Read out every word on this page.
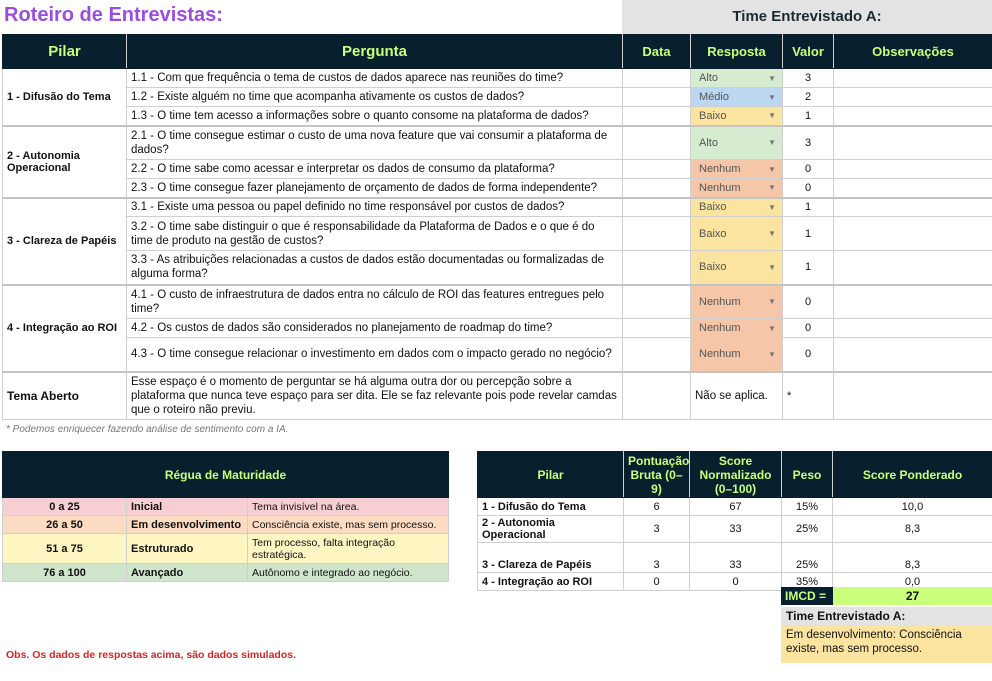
Roteiro de Entrevistas:	Time Entrevistado A:
Pilar	Pergunta	Data	Resposta	Valor	Observações
1 - Difusão do Tema	1.1 - Com que frequência o tema de custos de dados aparece nas reuniões do time?		Alto ▼	3	
	1.2 - Existe alguém no time que acompanha ativamente os custos de dados?		Médio ▼	2	
	1.3 - O time tem acesso a informações sobre o quanto consome na plataforma de dados?		Baixo ▼	1	
2 - Autonomia Operacional	2.1 - O time consegue estimar o custo de uma nova feature que vai consumir a plataforma de dados?		Alto ▼	3	
	2.2 - O time sabe como acessar e interpretar os dados de consumo da plataforma?		Nenhum ▼	0	
	2.3 - O time consegue fazer planejamento de orçamento de dados de forma independente?		Nenhum ▼	0	
3 - Clareza de Papéis	3.1 - Existe uma pessoa ou papel definido no time responsável por custos de dados?		Baixo ▼	1	
	3.2 - O time sabe distinguir o que é responsabilidade da Plataforma de Dados e o que é do time de produto na gestão de custos?		Baixo ▼	1	
	3.3 - As atribuições relacionadas a custos de dados estão documentadas ou formalizadas de alguma forma?		Baixo ▼	1	
4 - Integração ao ROI	4.1 - O custo de infraestrutura de dados entra no cálculo de ROI das features entregues pelo time?		Nenhum ▼	0	
	4.2 - Os custos de dados são considerados no planejamento de roadmap do time?		Nenhum ▼	0	
	4.3 - O time consegue relacionar o investimento em dados com o impacto gerado no negócio?		Nenhum ▼	0	
Tema Aberto	Esse espaço é o momento de perguntar se há alguma outra dor ou percepção sobre a plataforma que nunca teve espaço para ser dita. Ele se faz relevante pois pode revelar camdas que o roteiro não previu.		Não se aplica.	*	
* Podemos enriquecer fazendo análise de sentimento com a IA.
Régua de Maturidade		
0 a 25	Inicial	Tema invisível na área.
26 a 50	Em desenvolvimento	Consciência existe, mas sem processo.
51 a 75	Estruturado	Tem processo, falta integração estratégica.
76 a 100	Avançado	Autônomo e integrado ao negócio.
Pilar	Pontuação Bruta (0–9)	Score Normalizado (0–100)	Peso	Score Ponderado
1 - Difusão do Tema	6	67	15%	10,0
2 - Autonomia Operacional	3	33	25%	8,3
3 - Clareza de Papéis	3	33	25%	8,3
4 - Integração ao ROI	0	0	35%	0,0
IMCD =	27
Time Entrevistado A:
Em desenvolvimento: Consciência existe, mas sem processo.
Obs. Os dados de respostas acima, são dados simulados.
